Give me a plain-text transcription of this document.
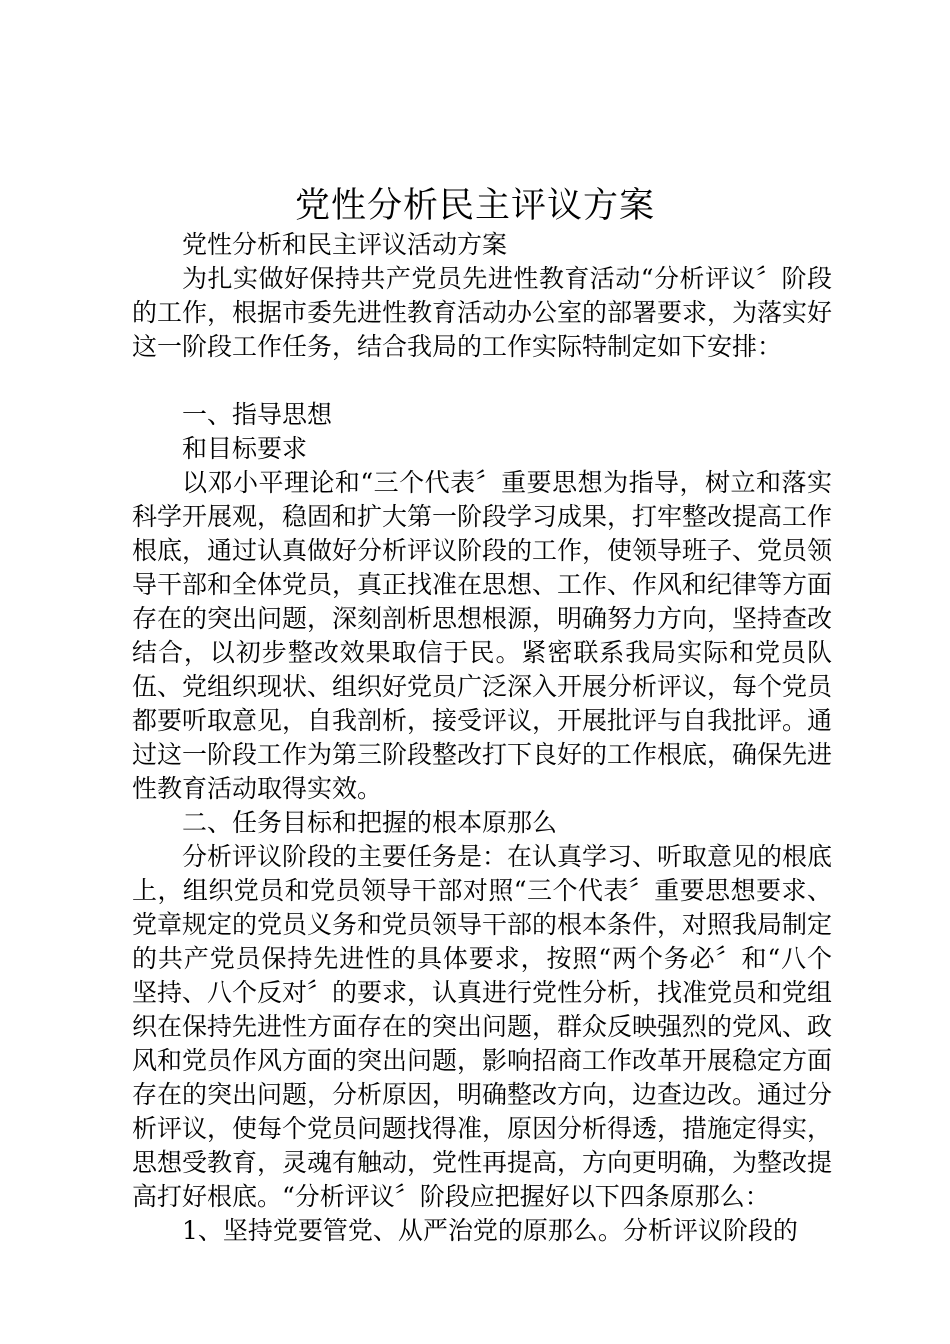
党性分析民主评议方案

党性分析和民主评议活动方案

为扎实做好保持共产党员先进性教育活动“分析评议〞阶段的工作，根据市委先进性教育活动办公室的部署要求，为落实好这一阶段工作任务，结合我局的工作实际特制定如下安排：

一、指导思想

和目标要求

以邓小平理论和“三个代表〞重要思想为指导，树立和落实科学开展观，稳固和扩大第一阶段学习成果，打牢整改提高工作根底，通过认真做好分析评议阶段的工作，使领导班子、党员领导干部和全体党员，真正找准在思想、工作、作风和纪律等方面存在的突出问题，深刻剖析思想根源，明确努力方向，坚持查改结合，以初步整改效果取信于民。紧密联系我局实际和党员队伍、党组织现状、组织好党员广泛深入开展分析评议，每个党员都要听取意见，自我剖析，接受评议，开展批评与自我批评。通过这一阶段工作为第三阶段整改打下良好的工作根底，确保先进性教育活动取得实效。

二、任务目标和把握的根本原那么

分析评议阶段的主要任务是：在认真学习、听取意见的根底上，组织党员和党员领导干部对照“三个代表〞重要思想要求、党章规定的党员义务和党员领导干部的根本条件，对照我局制定的共产党员保持先进性的具体要求，按照“两个务必〞和“八个坚持、八个反对〞的要求，认真进行党性分析，找准党员和党组织在保持先进性方面存在的突出问题，群众反映强烈的党风、政风和党员作风方面的突出问题，影响招商工作改革开展稳定方面存在的突出问题，分析原因，明确整改方向，边查边改。通过分析评议，使每个党员问题找得准，原因分析得透，措施定得实，思想受教育，灵魂有触动，党性再提高，方向更明确，为整改提高打好根底。“分析评议〞阶段应把握好以下四条原那么：

1、坚持党要管党、从严治党的原那么。分析评议阶段的
